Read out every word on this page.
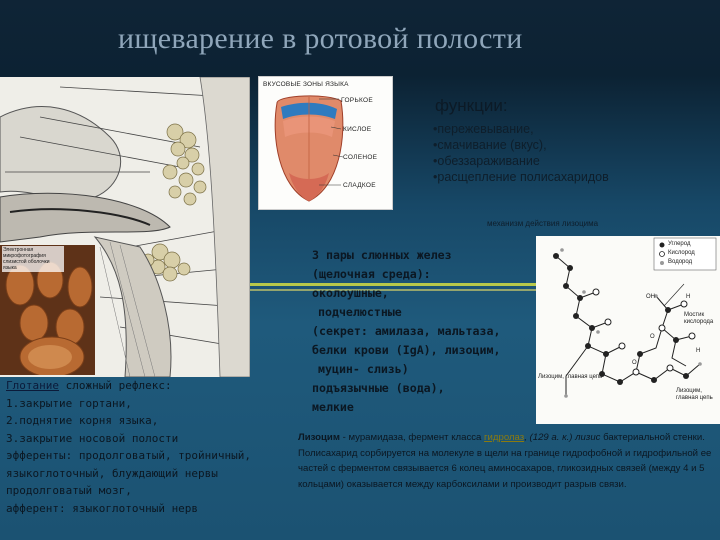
ищеварение в ротовой полости
Электронная микрофотография слизистой оболочки языка
ВКУСОВЫЕ ЗОНЫ ЯЗЫКА
ГОРЬКОЕ
КИСЛОЕ
СОЛЕНОЕ
СЛАДКОЕ
функции:
•пережевывание,
•смачивание (вкус),
•обеззараживание
•расщепление полисахаридов
механизм действия лизоцима
3 пары слюнных желез
(щелочная среда):
околоушные,
подчелюстные
(секрет: амилаза, мальтаза,
белки крови (IgA), лизоцим,
муцин- слизь)
подъязычные (вода),
мелкие
Углерод
Кислород
Водород
OH	H
O
O
H
Мостик кислорода
Лизоцим, главная цепь
Лизоцим, главная цепь
Глотание сложный рефлекс:
1.закрытие гортани,
2.поднятие корня языка,
3.закрытие носовой полости
эфференты: продолговатый, тройничный,
языкоглоточный, блуждающий нервы
продолговатый мозг,
афферент: языкоглоточный нерв
Лизоцим - мурамидаза, фермент класса гидролаз, (129 а. к.) лизис бактериальной стенки. Полисахарид сорбируется на молекуле в щели на границе гидрофобной и гидрофильной ее частей с ферментом связывается 6 колец аминосахаров, гликозидных связей (между 4 и 5 кольцами) оказывается между карбоксилами и производит разрыв связи.
